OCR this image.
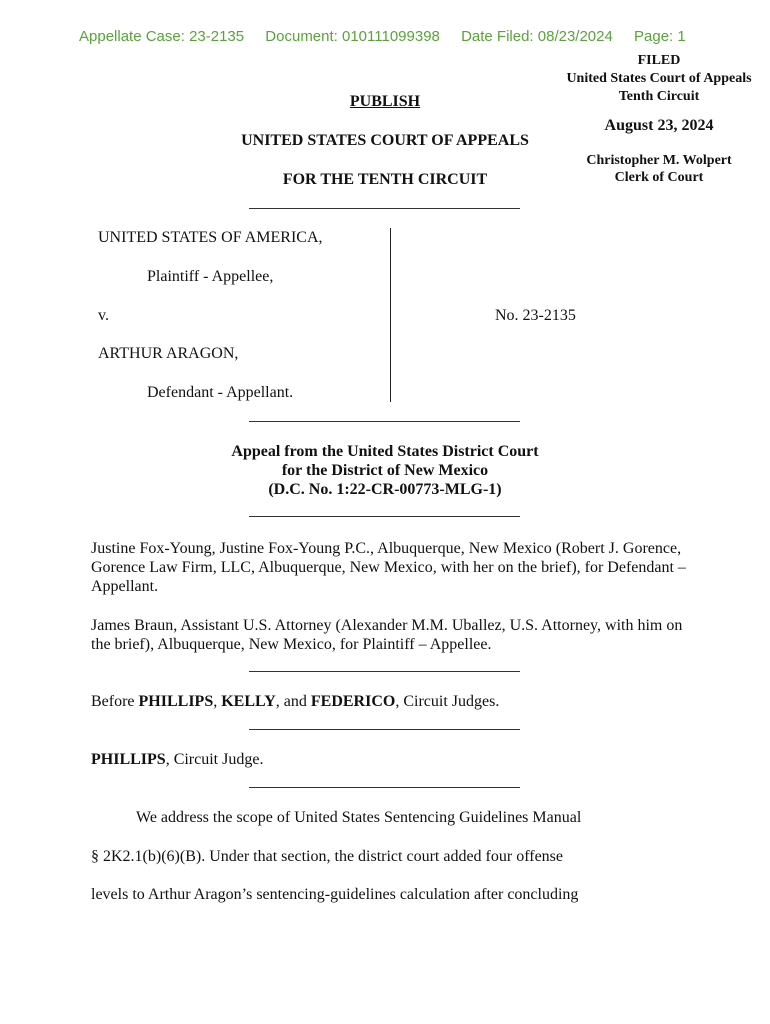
Appellate Case: 23-2135 Document: 010111099398 Date Filed: 08/23/2024 Page: 1
FILED
United States Court of Appeals
Tenth Circuit
August 23, 2024
Christopher M. Wolpert
Clerk of Court
PUBLISH
UNITED STATES COURT OF APPEALS
FOR THE TENTH CIRCUIT
UNITED STATES OF AMERICA,
Plaintiff - Appellee,
v.	No. 23-2135
ARTHUR ARAGON,
Defendant - Appellant.
Appeal from the United States District Court
for the District of New Mexico
(D.C. No. 1:22-CR-00773-MLG-1)
Justine Fox-Young, Justine Fox-Young P.C., Albuquerque, New Mexico (Robert J. Gorence, Gorence Law Firm, LLC, Albuquerque, New Mexico, with her on the brief), for Defendant – Appellant.
James Braun, Assistant U.S. Attorney (Alexander M.M. Uballez, U.S. Attorney, with him on the brief), Albuquerque, New Mexico, for Plaintiff – Appellee.
Before PHILLIPS, KELLY, and FEDERICO, Circuit Judges.
PHILLIPS, Circuit Judge.
We address the scope of United States Sentencing Guidelines Manual
§ 2K2.1(b)(6)(B). Under that section, the district court added four offense
levels to Arthur Aragon’s sentencing-guidelines calculation after concluding
